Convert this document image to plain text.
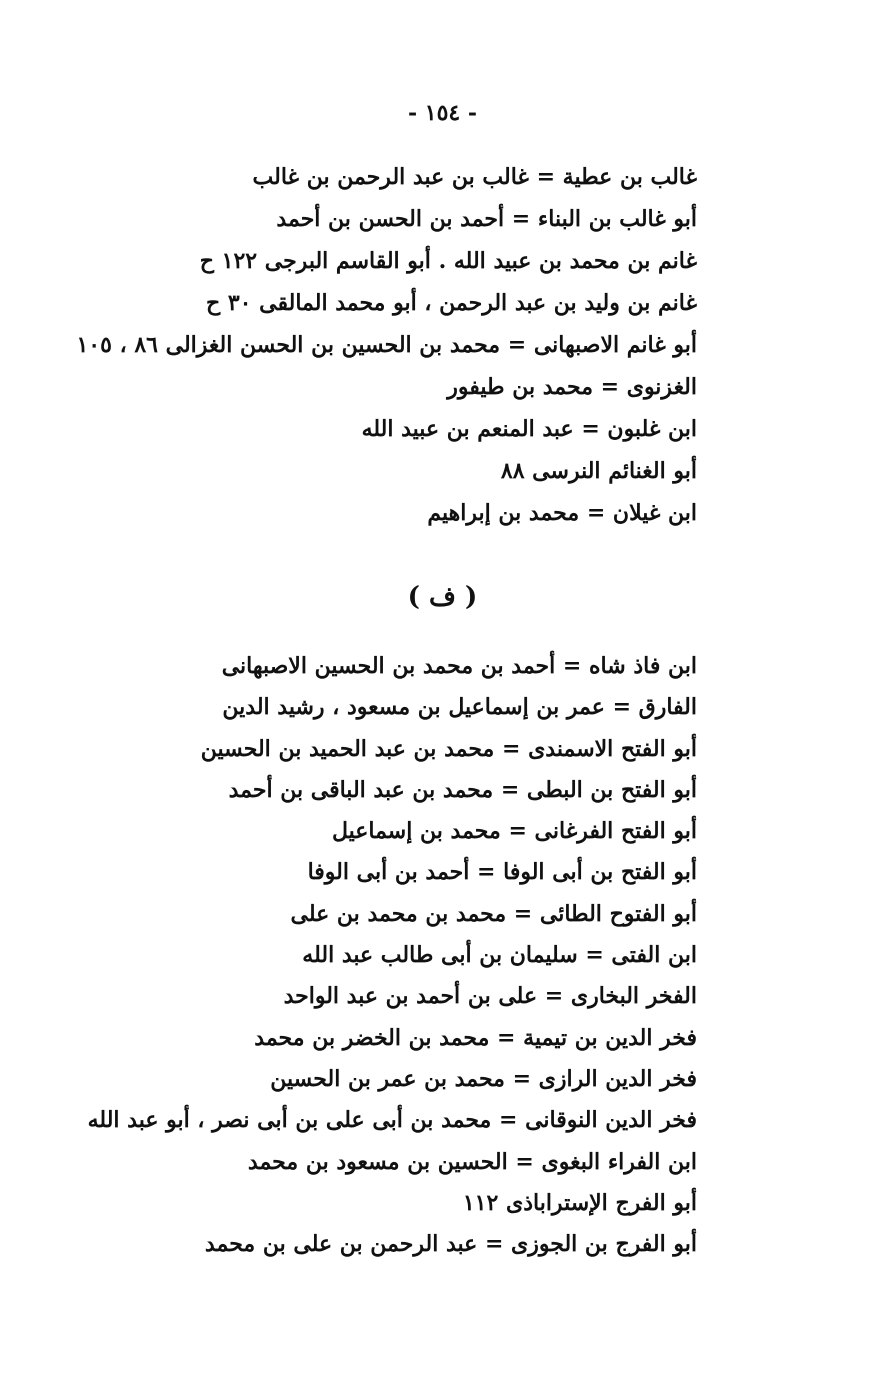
- ١٥٤ -
غالب بن عطية = غالب بن عبد الرحمن بن غالب
أبو غالب بن البناء = أحمد بن الحسن بن أحمد
غانم بن محمد بن عبيد الله . أبو القاسم البرجى ١٢٢ ح
غانم بن وليد بن عبد الرحمن ، أبو محمد المالقى ٣٠ ح
أبو غانم الاصبهانى = محمد بن الحسين بن الحسن الغزالى ٨٦ ، ١٠٥
الغزنوى = محمد بن طيفور
ابن غلبون = عبد المنعم بن عبيد الله
أبو الغنائم النرسى ٨٨
ابن غيلان = محمد بن إبراهيم
( ف )
ابن فاذ شاه = أحمد بن محمد بن الحسين الاصبهانى
الفارق = عمر بن إسماعيل بن مسعود ، رشيد الدين
أبو الفتح الاسمندى = محمد بن عبد الحميد بن الحسين
أبو الفتح بن البطى = محمد بن عبد الباقى بن أحمد
أبو الفتح الفرغانى = محمد بن إسماعيل
أبو الفتح بن أبى الوفا = أحمد بن أبى الوفا
أبو الفتوح الطائى = محمد بن محمد بن على
ابن الفتى = سليمان بن أبى طالب عبد الله
الفخر البخارى = على بن أحمد بن عبد الواحد
فخر الدين بن تيمية = محمد بن الخضر بن محمد
فخر الدين الرازى = محمد بن عمر بن الحسين
فخر الدين النوقانى = محمد بن أبى على بن أبى نصر ، أبو عبد الله
ابن الفراء البغوى = الحسين بن مسعود بن محمد
أبو الفرج الإستراباذى ١١٢
أبو الفرج بن الجوزى = عبد الرحمن بن على بن محمد
